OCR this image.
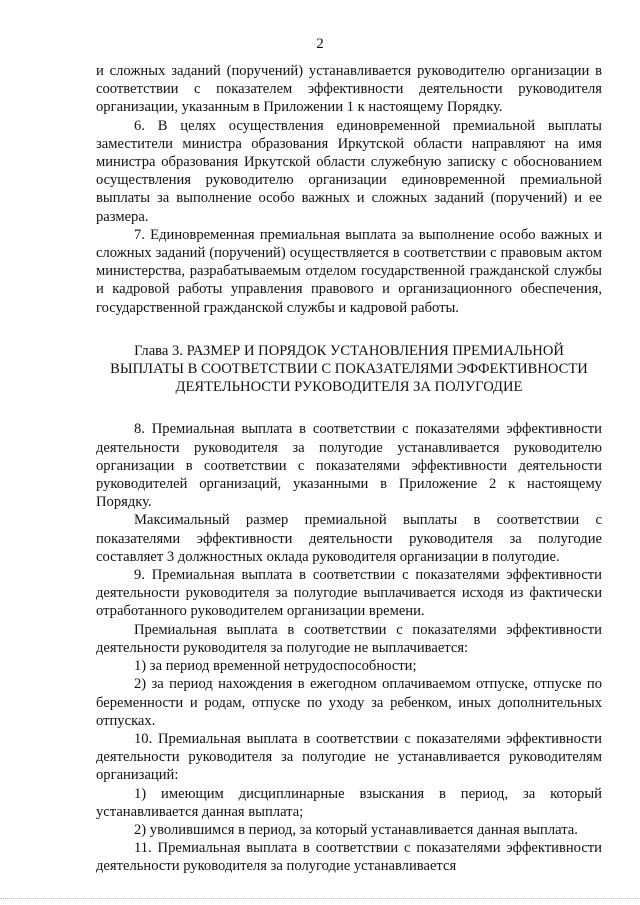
2

и сложных заданий (поручений) устанавливается руководителю организации в соответствии с показателем эффективности деятельности руководителя организации, указанным в Приложении 1 к настоящему Порядку.

6. В целях осуществления единовременной премиальной выплаты заместители министра образования Иркутской области направляют на имя министра образования Иркутской области служебную записку с обоснованием осуществления руководителю организации единовременной премиальной выплаты за выполнение особо важных и сложных заданий (поручений) и ее размера.

7. Единовременная премиальная выплата за выполнение особо важных и сложных заданий (поручений) осуществляется в соответствии с правовым актом министерства, разрабатываемым отделом государственной гражданской службы и кадровой работы управления правового и организационного обеспечения, государственной гражданской службы и кадровой работы.

Глава 3. РАЗМЕР И ПОРЯДОК УСТАНОВЛЕНИЯ ПРЕМИАЛЬНОЙ ВЫПЛАТЫ В СООТВЕТСТВИИ С ПОКАЗАТЕЛЯМИ ЭФФЕКТИВНОСТИ ДЕЯТЕЛЬНОСТИ РУКОВОДИТЕЛЯ ЗА ПОЛУГОДИЕ

8. Премиальная выплата в соответствии с показателями эффективности деятельности руководителя за полугодие устанавливается руководителю организации в соответствии с показателями эффективности деятельности руководителей организаций, указанными в Приложение 2 к настоящему Порядку.

Максимальный размер премиальной выплаты в соответствии с показателями эффективности деятельности руководителя за полугодие составляет 3 должностных оклада руководителя организации в полугодие.

9. Премиальная выплата в соответствии с показателями эффективности деятельности руководителя за полугодие выплачивается исходя из фактически отработанного руководителем организации времени.

Премиальная выплата в соответствии с показателями эффективности деятельности руководителя за полугодие не выплачивается:

1) за период временной нетрудоспособности;

2) за период нахождения в ежегодном оплачиваемом отпуске, отпуске по беременности и родам, отпуске по уходу за ребенком, иных дополнительных отпусках.

10. Премиальная выплата в соответствии с показателями эффективности деятельности руководителя за полугодие не устанавливается руководителям организаций:

1) имеющим дисциплинарные взыскания в период, за который устанавливается данная выплата;

2) уволившимся в период, за который устанавливается данная выплата.

11. Премиальная выплата в соответствии с показателями эффективности деятельности руководителя за полугодие устанавливается
